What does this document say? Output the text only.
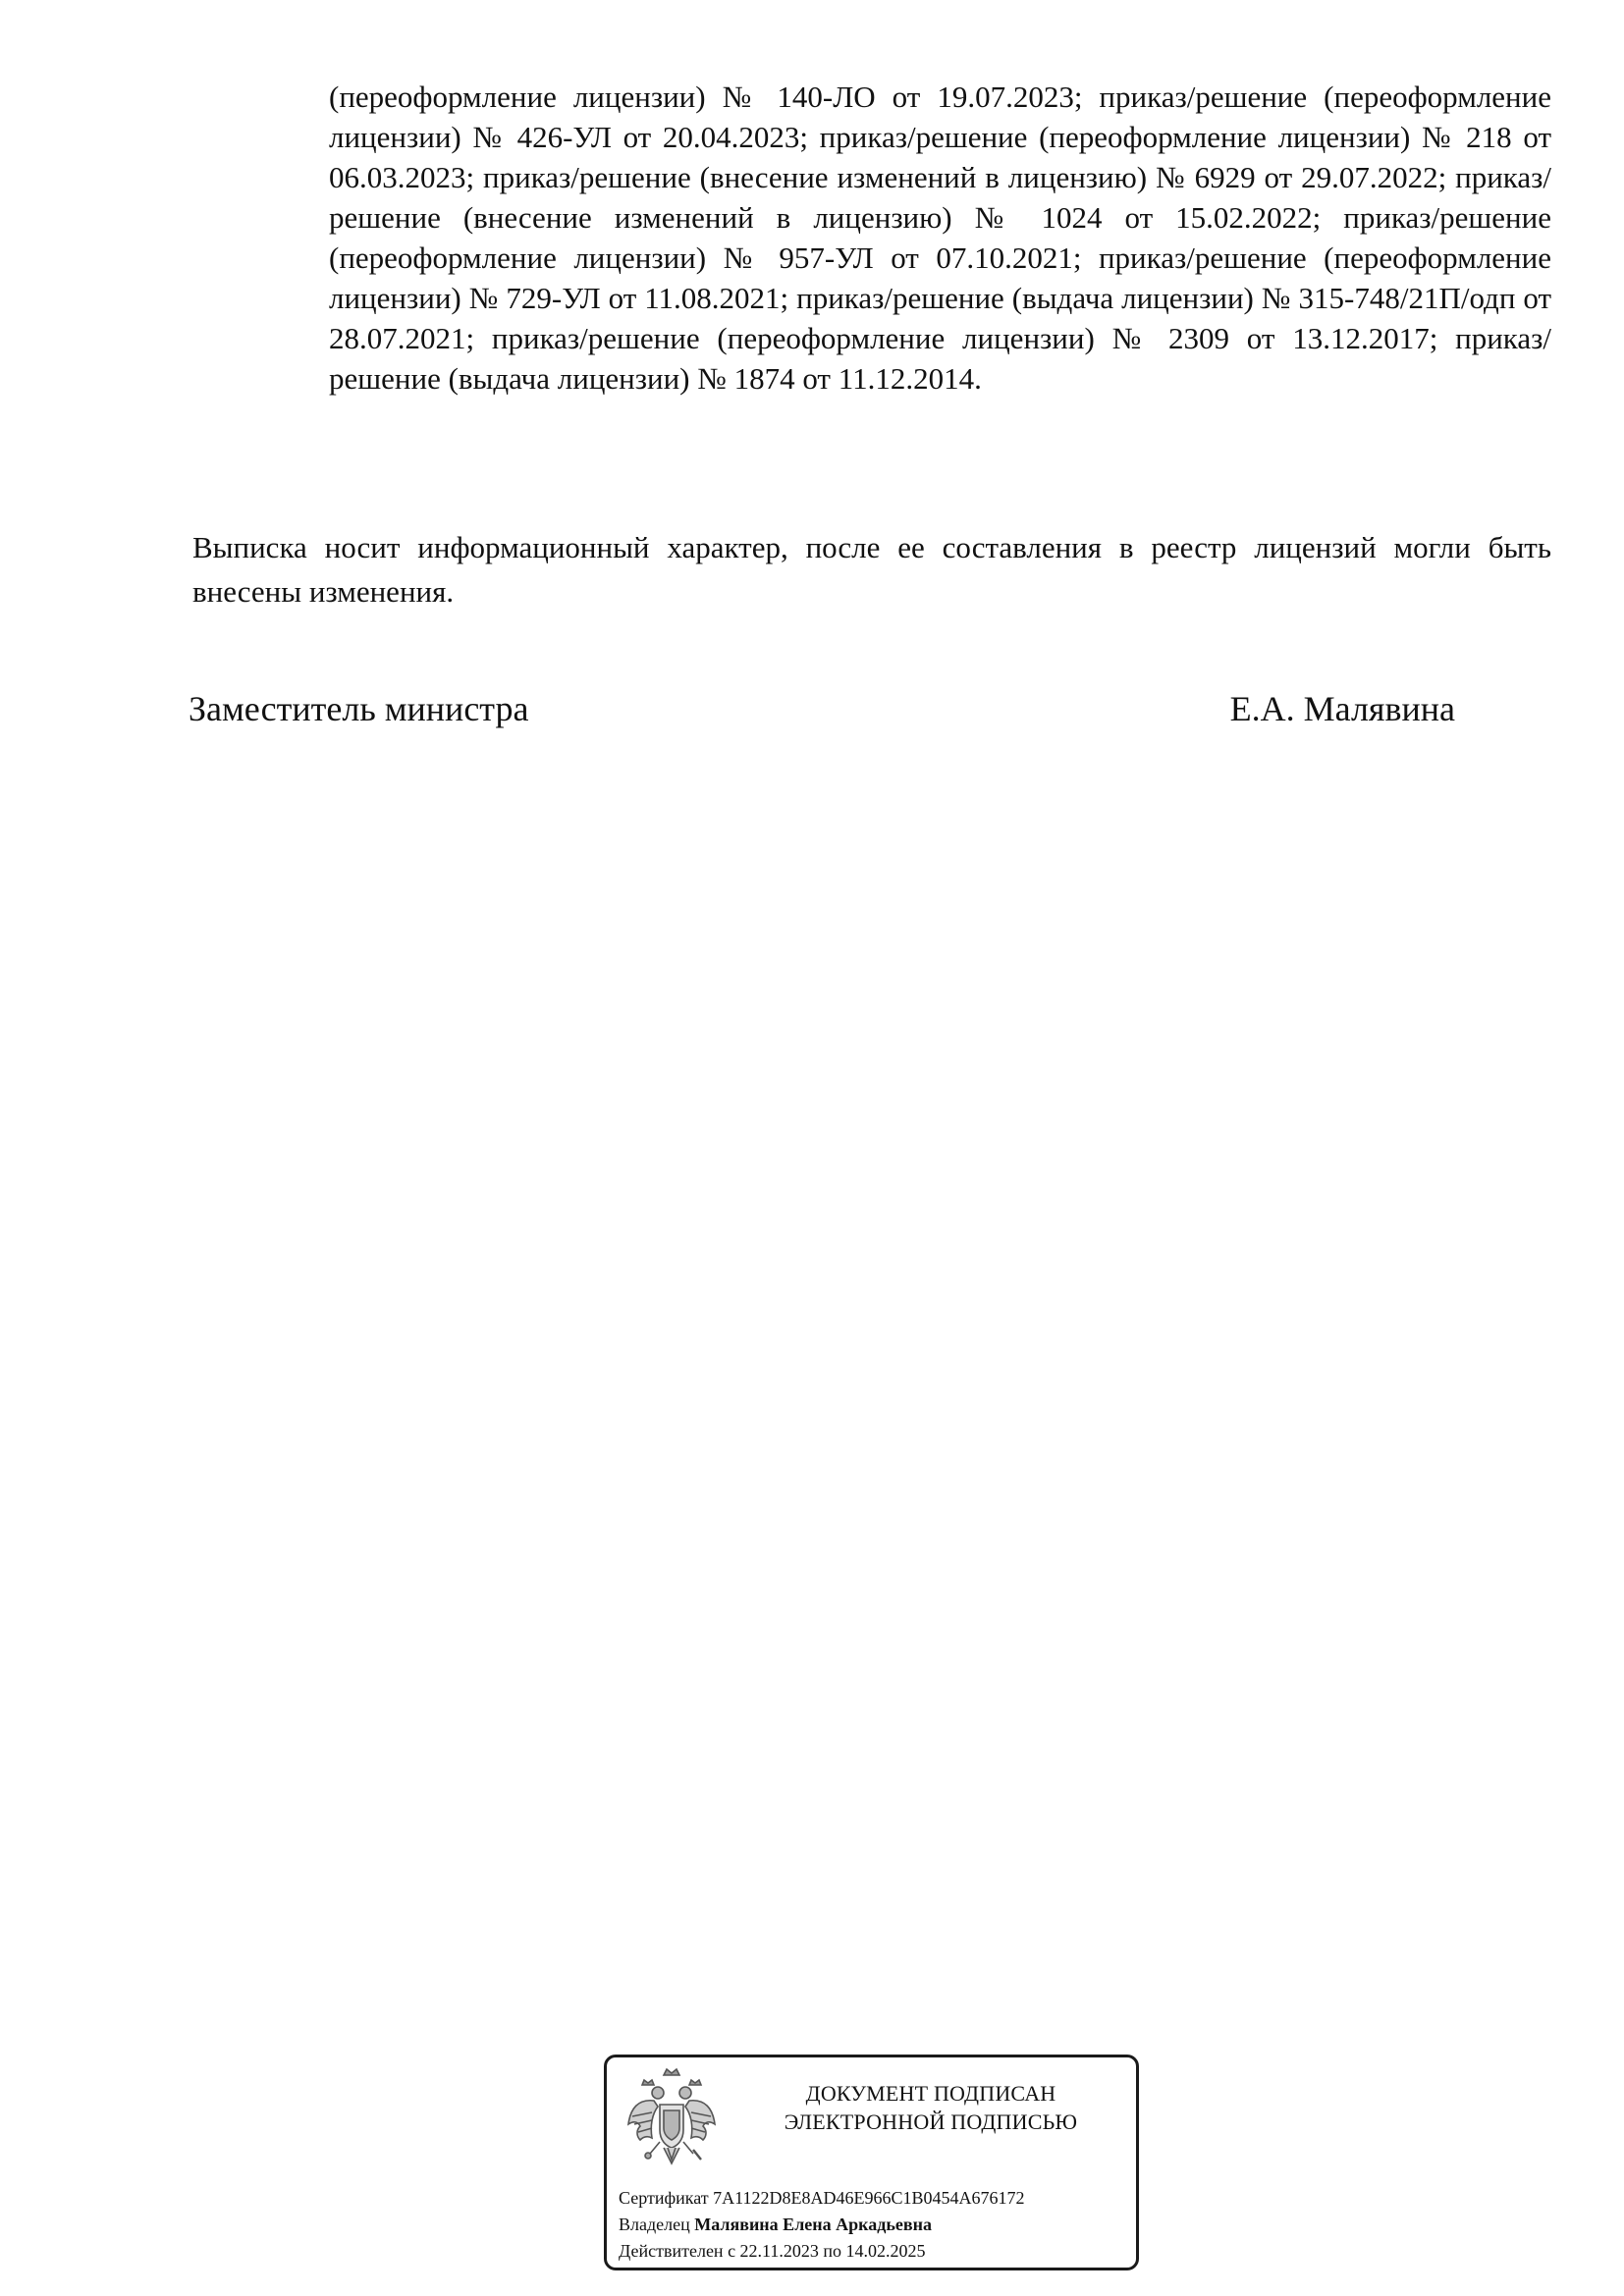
(переоформление лицензии) № 140-ЛО от 19.07.2023; приказ/решение (переоформление лицензии) № 426-УЛ от 20.04.2023; приказ/решение (переоформление лицензии) № 218 от 06.03.2023; приказ/решение (внесение изменений в лицензию) № 6929 от 29.07.2022; приказ/решение (внесение изменений в лицензию) № 1024 от 15.02.2022; приказ/решение (переоформление лицензии) № 957-УЛ от 07.10.2021; приказ/решение (переоформление лицензии) № 729-УЛ от 11.08.2021; приказ/решение (выдача лицензии) № 315-748/21П/одп от 28.07.2021; приказ/решение (переоформление лицензии) № 2309 от 13.12.2017; приказ/решение (выдача лицензии) № 1874 от 11.12.2014.

Выписка носит информационный характер, после ее составления в реестр лицензий могли быть внесены изменения.

Заместитель министра	Е.А. Малявина
ДОКУМЕНТ ПОДПИСАН
ЭЛЕКТРОННОЙ ПОДПИСЬЮ
Сертификат 7A1122D8E8AD46E966C1B0454A676172
Владелец Малявина Елена Аркадьевна
Действителен с 22.11.2023 по 14.02.2025
